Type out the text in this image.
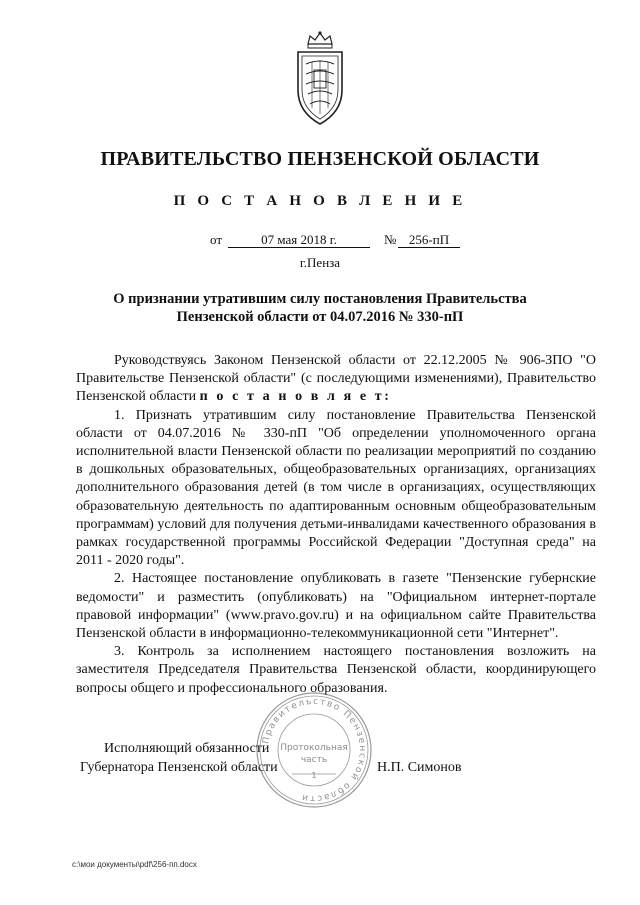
ПРАВИТЕЛЬСТВО ПЕНЗЕНСКОЙ ОБЛАСТИ
П О С Т А Н О В Л Е Н И Е
от	07 мая 2018 г.	№ 256-пП
г.Пенза
О признании утратившим силу постановления Правительства
Пензенской области от 04.07.2016 № 330-пП

Руководствуясь Законом Пензенской области от 22.12.2005 № 906-ЗПО "О Правительстве Пензенской области" (с последующими изменениями), Правительство Пензенской области п о с т а н о в л я е т:

1. Признать утратившим силу постановление Правительства Пензенской области от 04.07.2016 № 330-пП "Об определении уполномоченного органа исполнительной власти Пензенской области по реализации мероприятий по созданию в дошкольных образовательных, общеобразовательных организациях, организациях дополнительного образования детей (в том числе в организациях, осуществляющих образовательную деятельность по адаптированным основным общеобразовательным программам) условий для получения детьми-инвалидами качественного образования в рамках государственной программы Российской Федерации "Доступная среда" на 2011 - 2020 годы".

2. Настоящее постановление опубликовать в газете "Пензенские губернские ведомости" и разместить (опубликовать) на "Официальном интернет-портале правовой информации" (www.pravo.gov.ru) и на официальном сайте Правительства Пензенской области в информационно-телекоммуникационной сети "Интернет".

3. Контроль за исполнением настоящего постановления возложить на заместителя Председателя Правительства Пензенской области, координирующего вопросы общего и профессионального образования.

Исполняющий обязанности
Губернатора Пензенской области	Н.П. Симонов
Правительство Пензенской области
Протокольная
часть
1
c:\мои документы\pdf\256-пп.docx
